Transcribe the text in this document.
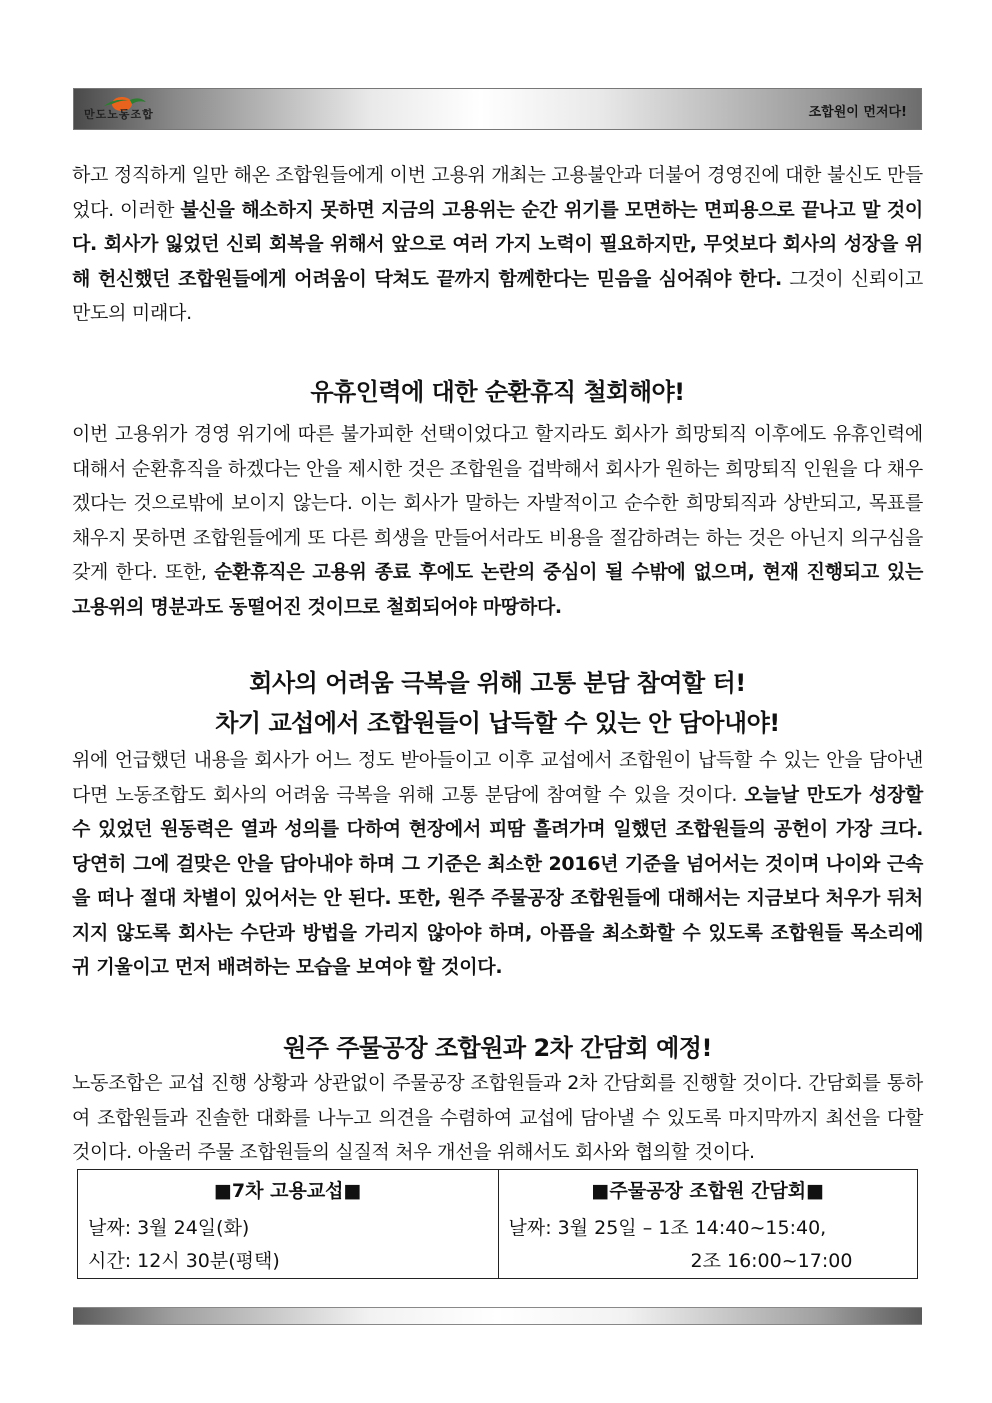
만도노동조합	조합원이 먼저다!

하고 정직하게 일만 해온 조합원들에게 이번 고용위 개최는 고용불안과 더불어 경영진에 대한 불신도 만들었다. 이러한 불신을 해소하지 못하면 지금의 고용위는 순간 위기를 모면하는 면피용으로 끝나고 말 것이다. 회사가 잃었던 신뢰 회복을 위해서 앞으로 여러 가지 노력이 필요하지만, 무엇보다 회사의 성장을 위해 헌신했던 조합원들에게 어려움이 닥쳐도 끝까지 함께한다는 믿음을 심어줘야 한다. 그것이 신뢰이고 만도의 미래다.

유휴인력에 대한 순환휴직 철회해야!

이번 고용위가 경영 위기에 따른 불가피한 선택이었다고 할지라도 회사가 희망퇴직 이후에도 유휴인력에 대해서 순환휴직을 하겠다는 안을 제시한 것은 조합원을 겁박해서 회사가 원하는 희망퇴직 인원을 다 채우겠다는 것으로밖에 보이지 않는다. 이는 회사가 말하는 자발적이고 순수한 희망퇴직과 상반되고, 목표를 채우지 못하면 조합원들에게 또 다른 희생을 만들어서라도 비용을 절감하려는 하는 것은 아닌지 의구심을 갖게 한다. 또한, 순환휴직은 고용위 종료 후에도 논란의 중심이 될 수밖에 없으며, 현재 진행되고 있는 고용위의 명분과도 동떨어진 것이므로 철회되어야 마땅하다.

회사의 어려움 극복을 위해 고통 분담 참여할 터!
차기 교섭에서 조합원들이 납득할 수 있는 안 담아내야!

위에 언급했던 내용을 회사가 어느 정도 받아들이고 이후 교섭에서 조합원이 납득할 수 있는 안을 담아낸다면 노동조합도 회사의 어려움 극복을 위해 고통 분담에 참여할 수 있을 것이다. 오늘날 만도가 성장할 수 있었던 원동력은 열과 성의를 다하여 현장에서 피땀 흘려가며 일했던 조합원들의 공헌이 가장 크다. 당연히 그에 걸맞은 안을 담아내야 하며 그 기준은 최소한 2016년 기준을 넘어서는 것이며 나이와 근속을 떠나 절대 차별이 있어서는 안 된다. 또한, 원주 주물공장 조합원들에 대해서는 지금보다 처우가 뒤처지지 않도록 회사는 수단과 방법을 가리지 않아야 하며, 아픔을 최소화할 수 있도록 조합원들 목소리에 귀 기울이고 먼저 배려하는 모습을 보여야 할 것이다.

원주 주물공장 조합원과 2차 간담회 예정!

노동조합은 교섭 진행 상황과 상관없이 주물공장 조합원들과 2차 간담회를 진행할 것이다. 간담회를 통하여 조합원들과 진솔한 대화를 나누고 의견을 수렴하여 교섭에 담아낼 수 있도록 마지막까지 최선을 다할 것이다. 아울러 주물 조합원들의 실질적 처우 개선을 위해서도 회사와 협의할 것이다.

■7차 고용교섭■
날짜: 3월 24일(화)
시간: 12시 30분(평택)
■주물공장 조합원 간담회■
날짜: 3월 25일 – 1조 14:40~15:40,
2조 16:00~17:00
